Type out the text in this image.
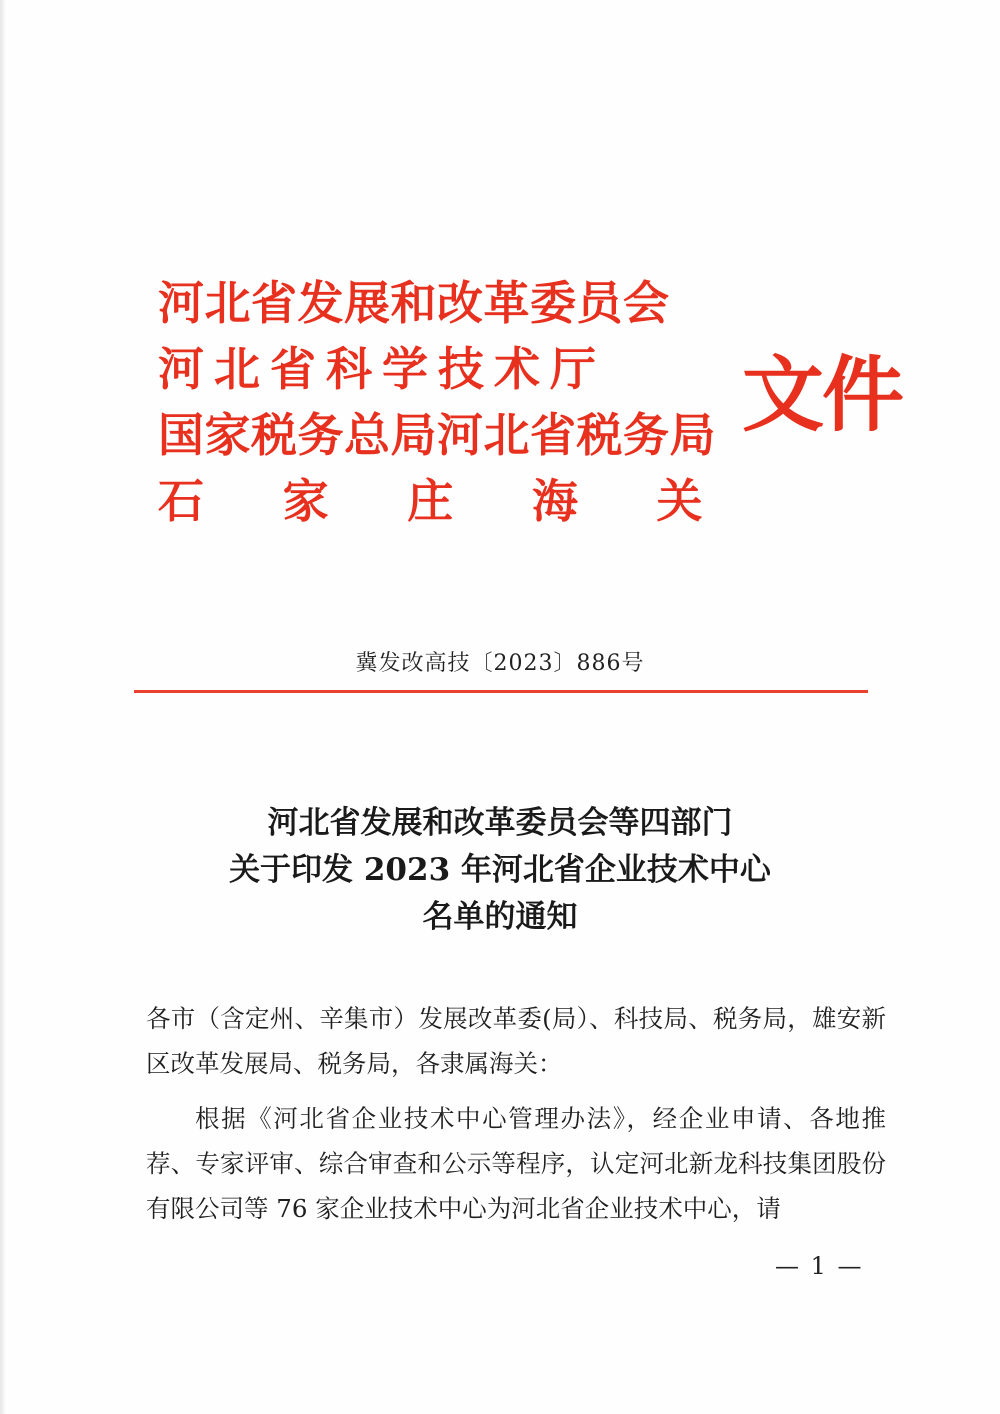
河北省发展和改革委员会
河北省科学技术厅
国家税务总局河北省税务局
石 家 庄 海 关
文件
冀发改高技〔2023〕886号
河北省发展和改革委员会等四部门
关于印发 2023 年河北省企业技术中心
名单的通知

各市（含定州、辛集市）发展改革委(局）、科技局、税务局，雄安新区改革发展局、税务局，各隶属海关：

根据《河北省企业技术中心管理办法》，经企业申请、各地推荐、专家评审、综合审查和公示等程序，认定河北新龙科技集团股份有限公司等 76 家企业技术中心为河北省企业技术中心，请

— 1 —
